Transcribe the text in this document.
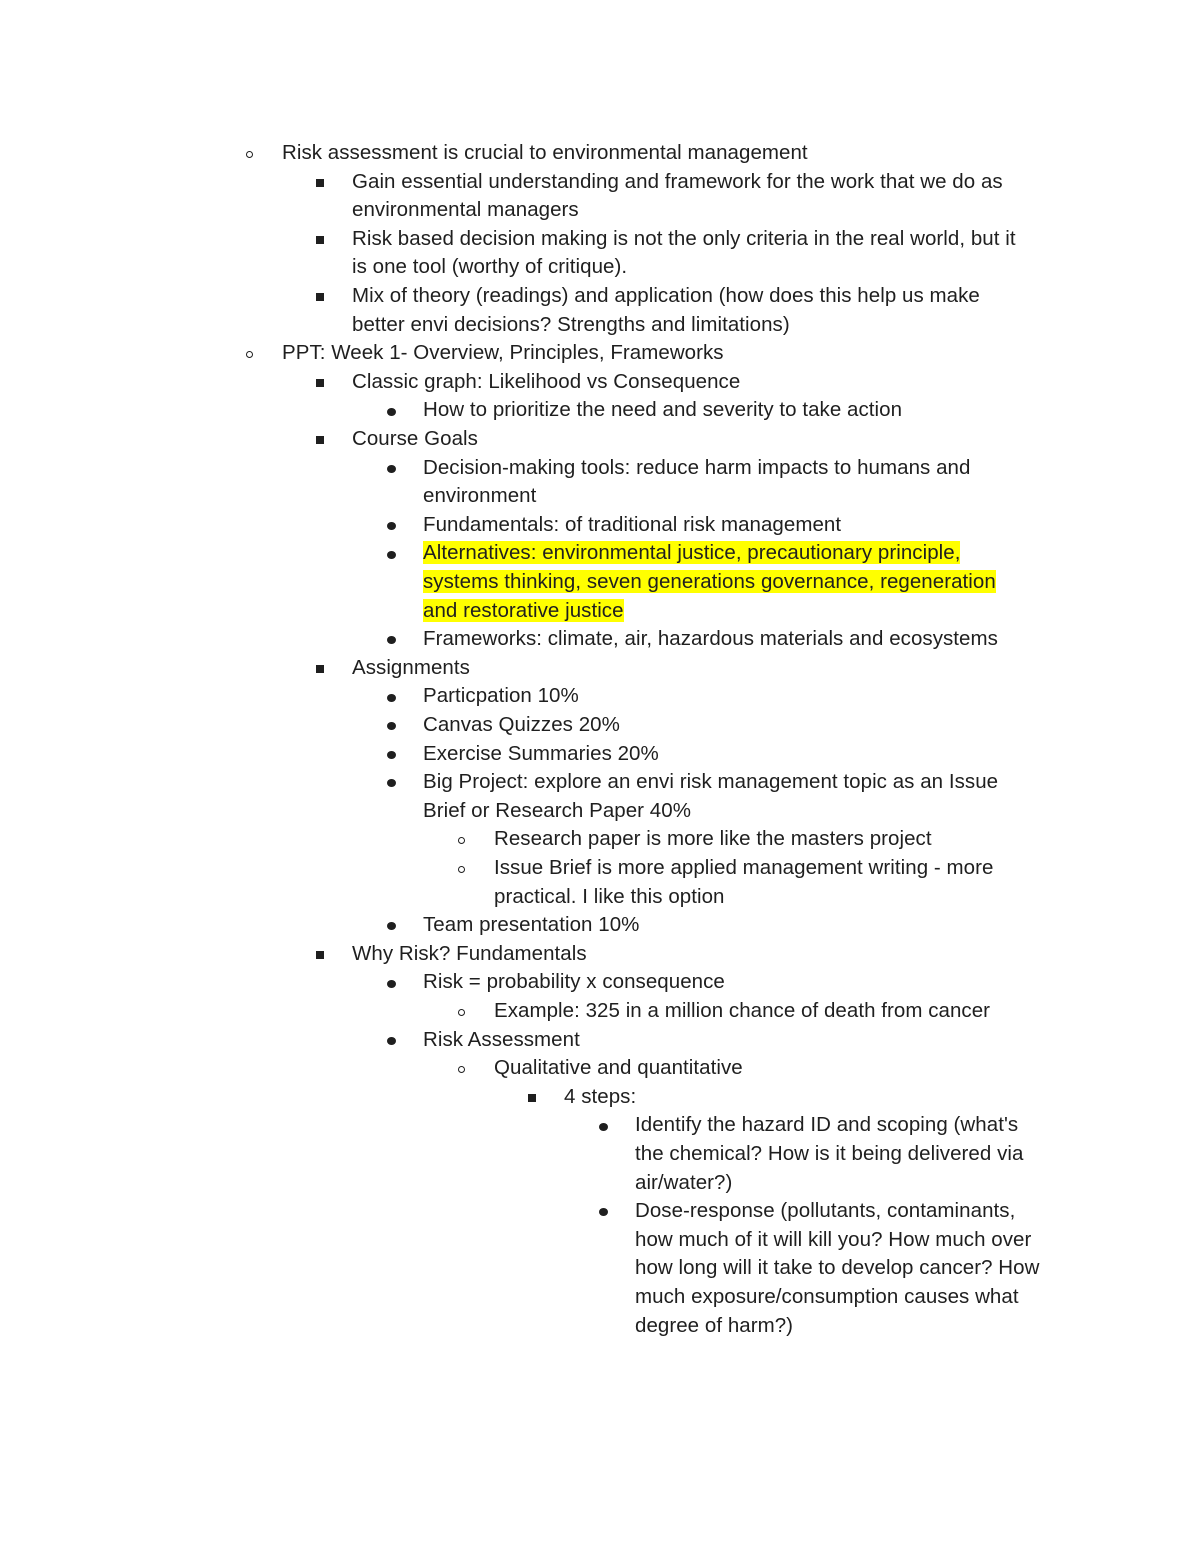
Risk assessment is crucial to environmental management
Gain essential understanding and framework for the work that we do as
environmental managers
Risk based decision making is not the only criteria in the real world, but it
is one tool (worthy of critique).
Mix of theory (readings) and application (how does this help us make
better envi decisions? Strengths and limitations)
PPT: Week 1- Overview, Principles, Frameworks
Classic graph: Likelihood vs Consequence
How to prioritize the need and severity to take action
Course Goals
Decision-making tools: reduce harm impacts to humans and
environment
Fundamentals: of traditional risk management
Alternatives: environmental justice, precautionary principle,
systems thinking, seven generations governance, regeneration
and restorative justice
Frameworks: climate, air, hazardous materials and ecosystems
Assignments
Particpation 10%
Canvas Quizzes 20%
Exercise Summaries 20%
Big Project: explore an envi risk management topic as an Issue
Brief or Research Paper 40%
Research paper is more like the masters project
Issue Brief is more applied management writing - more
practical. I like this option
Team presentation 10%
Why Risk? Fundamentals
Risk = probability x consequence
Example: 325 in a million chance of death from cancer
Risk Assessment
Qualitative and quantitative
4 steps:
Identify the hazard ID and scoping (what's
the chemical? How is it being delivered via
air/water?)
Dose-response (pollutants, contaminants,
how much of it will kill you? How much over
how long will it take to develop cancer? How
much exposure/consumption causes what
degree of harm?)
